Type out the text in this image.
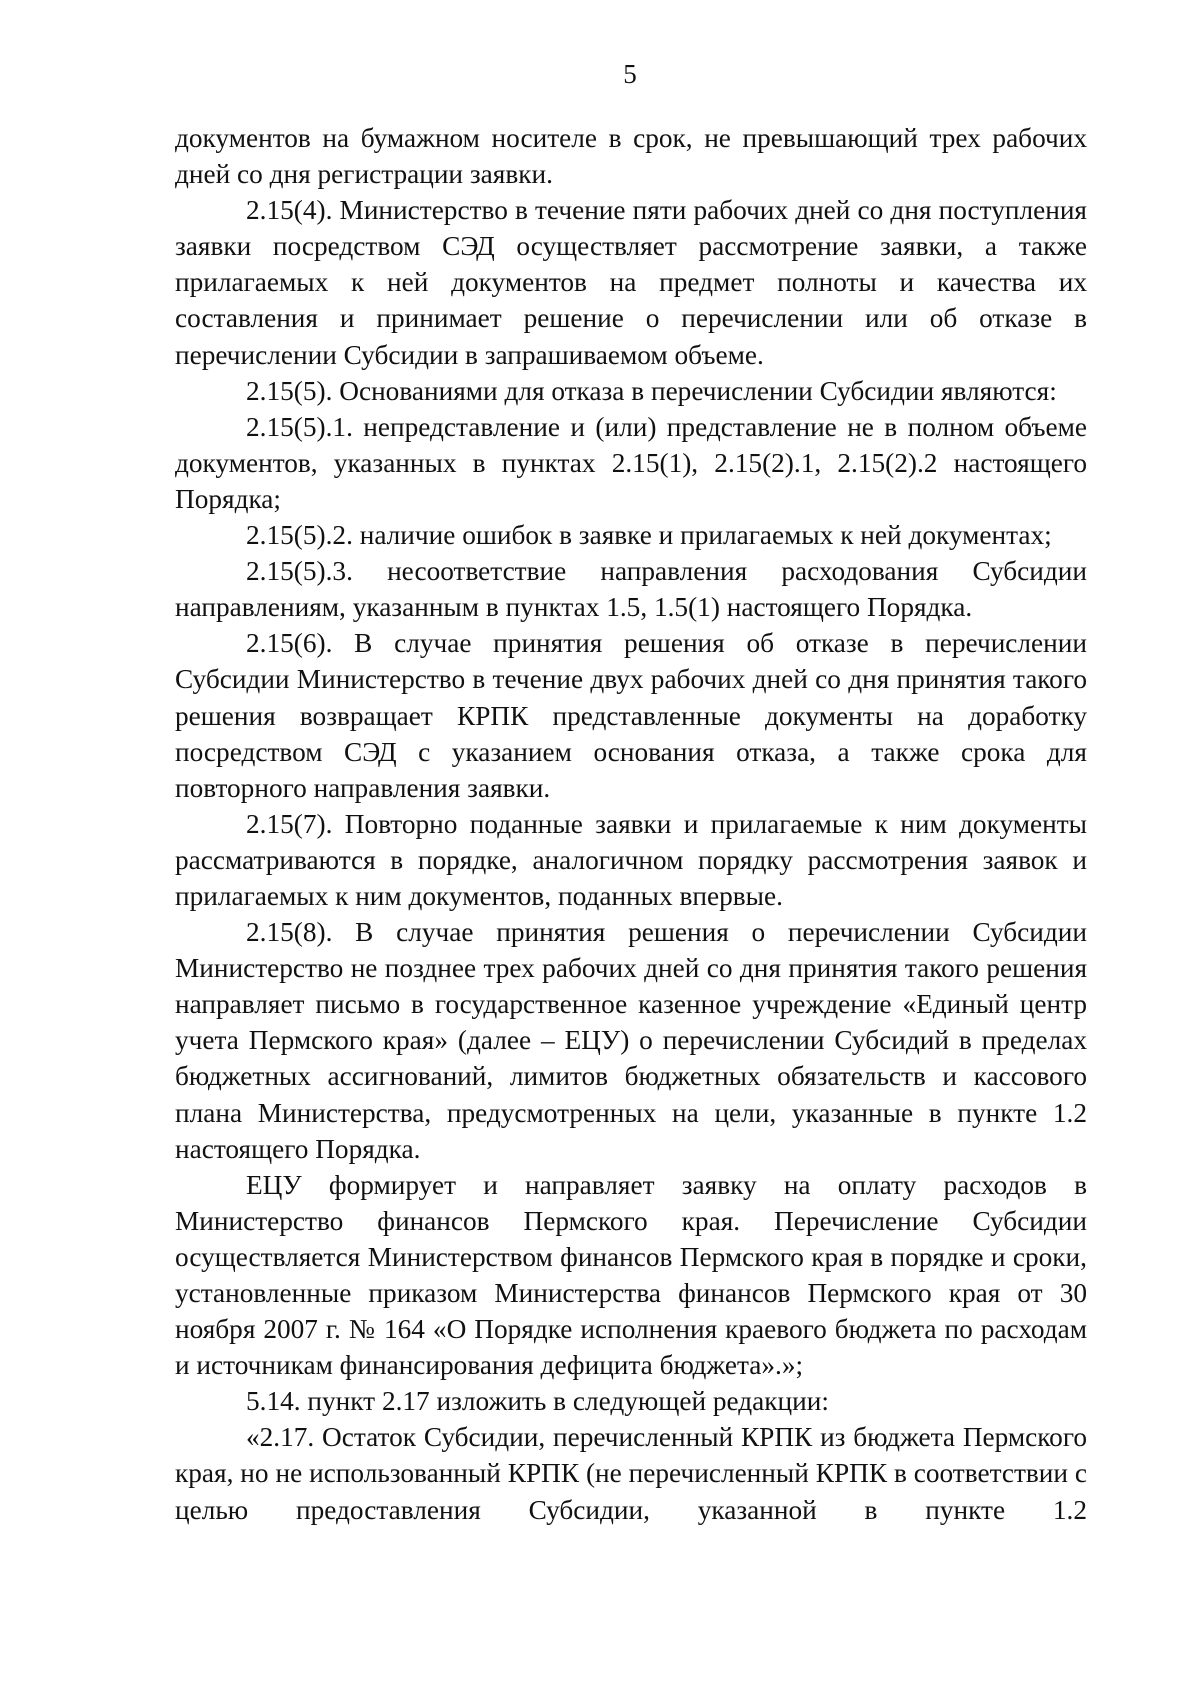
5

документов на бумажном носителе в срок, не превышающий трех рабочих дней со дня регистрации заявки.

2.15(4). Министерство в течение пяти рабочих дней со дня поступления заявки посредством СЭД осуществляет рассмотрение заявки, а также прилагаемых к ней документов на предмет полноты и качества их составления и принимает решение о перечислении или об отказе в перечислении Субсидии в запрашиваемом объеме.

2.15(5). Основаниями для отказа в перечислении Субсидии являются:

2.15(5).1. непредставление и (или) представление не в полном объеме документов, указанных в пунктах 2.15(1), 2.15(2).1, 2.15(2).2 настоящего Порядка;

2.15(5).2. наличие ошибок в заявке и прилагаемых к ней документах;

2.15(5).3. несоответствие направления расходования Субсидии направлениям, указанным в пунктах 1.5, 1.5(1) настоящего Порядка.

2.15(6). В случае принятия решения об отказе в перечислении Субсидии Министерство в течение двух рабочих дней со дня принятия такого решения возвращает КРПК представленные документы на доработку посредством СЭД с указанием основания отказа, а также срока для повторного направления заявки.

2.15(7). Повторно поданные заявки и прилагаемые к ним документы рассматриваются в порядке, аналогичном порядку рассмотрения заявок и прилагаемых к ним документов, поданных впервые.

2.15(8). В случае принятия решения о перечислении Субсидии Министерство не позднее трех рабочих дней со дня принятия такого решения направляет письмо в государственное казенное учреждение «Единый центр учета Пермского края» (далее – ЕЦУ) о перечислении Субсидий в пределах бюджетных ассигнований, лимитов бюджетных обязательств и кассового плана Министерства, предусмотренных на цели, указанные в пункте 1.2 настоящего Порядка.

ЕЦУ формирует и направляет заявку на оплату расходов в Министерство финансов Пермского края. Перечисление Субсидии осуществляется Министерством финансов Пермского края в порядке и сроки, установленные приказом Министерства финансов Пермского края от 30 ноября 2007 г. № 164 «О Порядке исполнения краевого бюджета по расходам и источникам финансирования дефицита бюджета».»;

5.14. пункт 2.17 изложить в следующей редакции:

«2.17. Остаток Субсидии, перечисленный КРПК из бюджета Пермского края, но не использованный КРПК (не перечисленный КРПК в соответствии с целью предоставления Субсидии, указанной в пункте 1.2
